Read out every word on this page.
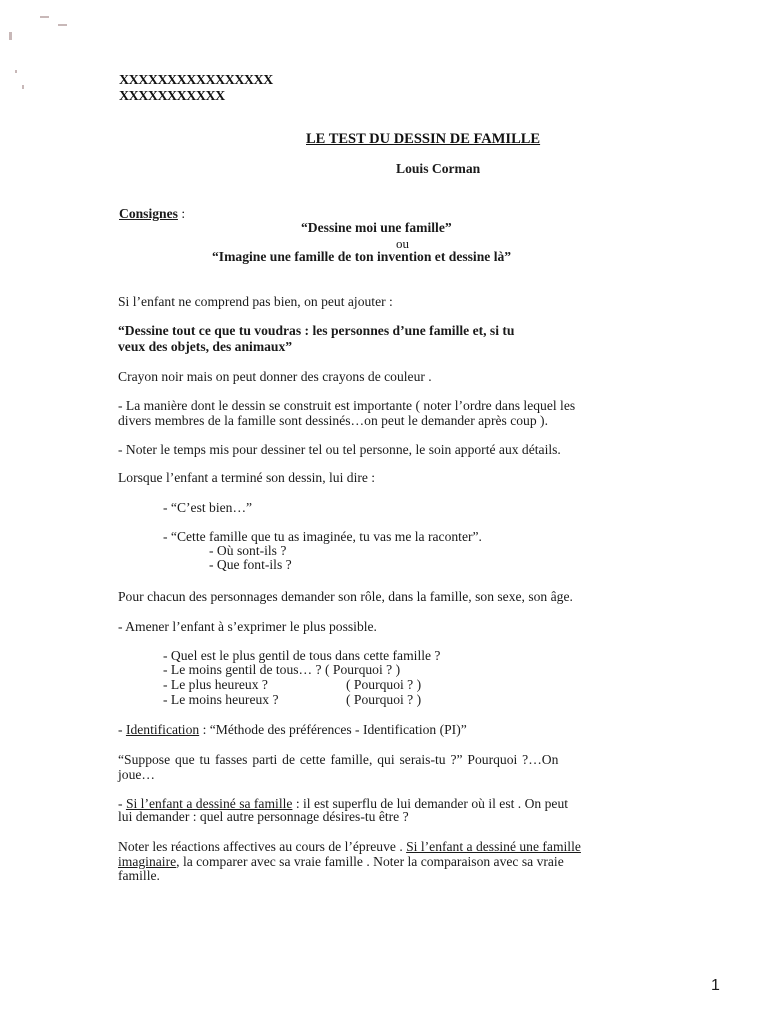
XXXXXXXXXXXXXXXX
XXXXXXXXXXX
LE TEST DU DESSIN DE FAMILLE
Louis Corman
Consignes :
“Dessine moi une famille”
ou
“Imagine une famille de ton invention et dessine là”
Si l’enfant ne comprend pas bien, on peut ajouter :
“Dessine tout ce que tu voudras : les personnes d’une famille et, si tu
veux des objets, des animaux”
Crayon noir mais on peut donner des crayons de couleur .
- La manière dont le dessin se construit est importante ( noter l’ordre dans lequel les
divers membres de la famille sont dessinés…on peut le demander après coup ).
- Noter le temps mis pour dessiner tel ou tel personne, le soin apporté aux détails.
Lorsque l’enfant a terminé son dessin, lui dire :
- “C’est bien…”
- “Cette famille que tu as imaginée, tu vas me la raconter”.
- Où sont-ils ?
- Que font-ils ?
Pour chacun des personnages demander son rôle, dans la famille, son sexe, son âge.
- Amener l’enfant à s’exprimer le plus possible.
- Quel est le plus gentil de tous dans cette famille ?
- Le moins gentil de tous… ? ( Pourquoi ? )
- Le plus heureux ?	( Pourquoi ? )
- Le moins heureux ?	( Pourquoi ? )
- Identification : “Méthode des préférences - Identification (PI)”
“Suppose que tu fasses parti de cette famille, qui serais-tu ?” Pourquoi ?…On
joue…
- Si l’enfant a dessiné sa famille : il est superflu de lui demander où il est . On peut
lui demander : quel autre personnage désires-tu être ?
Noter les réactions affectives au cours de l’épreuve . Si l’enfant a dessiné une famille
imaginaire, la comparer avec sa vraie famille . Noter la comparaison avec sa vraie
famille.
1
